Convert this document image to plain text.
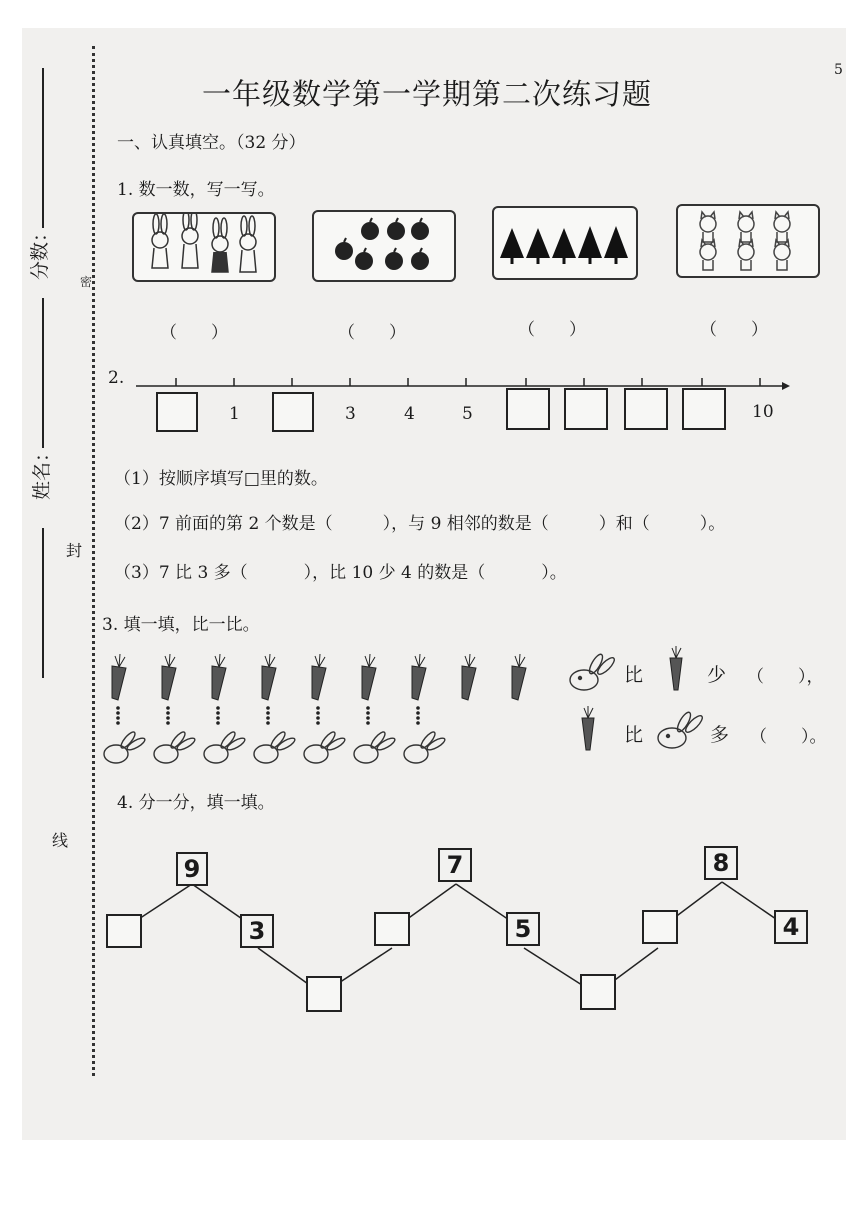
密
封
线
分数：
姓名：
5
一年级数学第一学期第二次练习题
一、认真填空。（32 分）
1. 数一数，写一写。
（　　）	（　　）	（　　）	（　　）
2.
1	3	4	5	10
（1）按顺序填写□里的数。
（2）7 前面的第 2 个数是（	），与 9 相邻的数是（	）和（	）。
（3）7 比 3 多（	），比 10 少 4 的数是（	）。
3. 填一填，比一比。
比	少 （　　），
比	多 （　　）。
4. 分一分，填一填。
9
3
7
5
8
4
